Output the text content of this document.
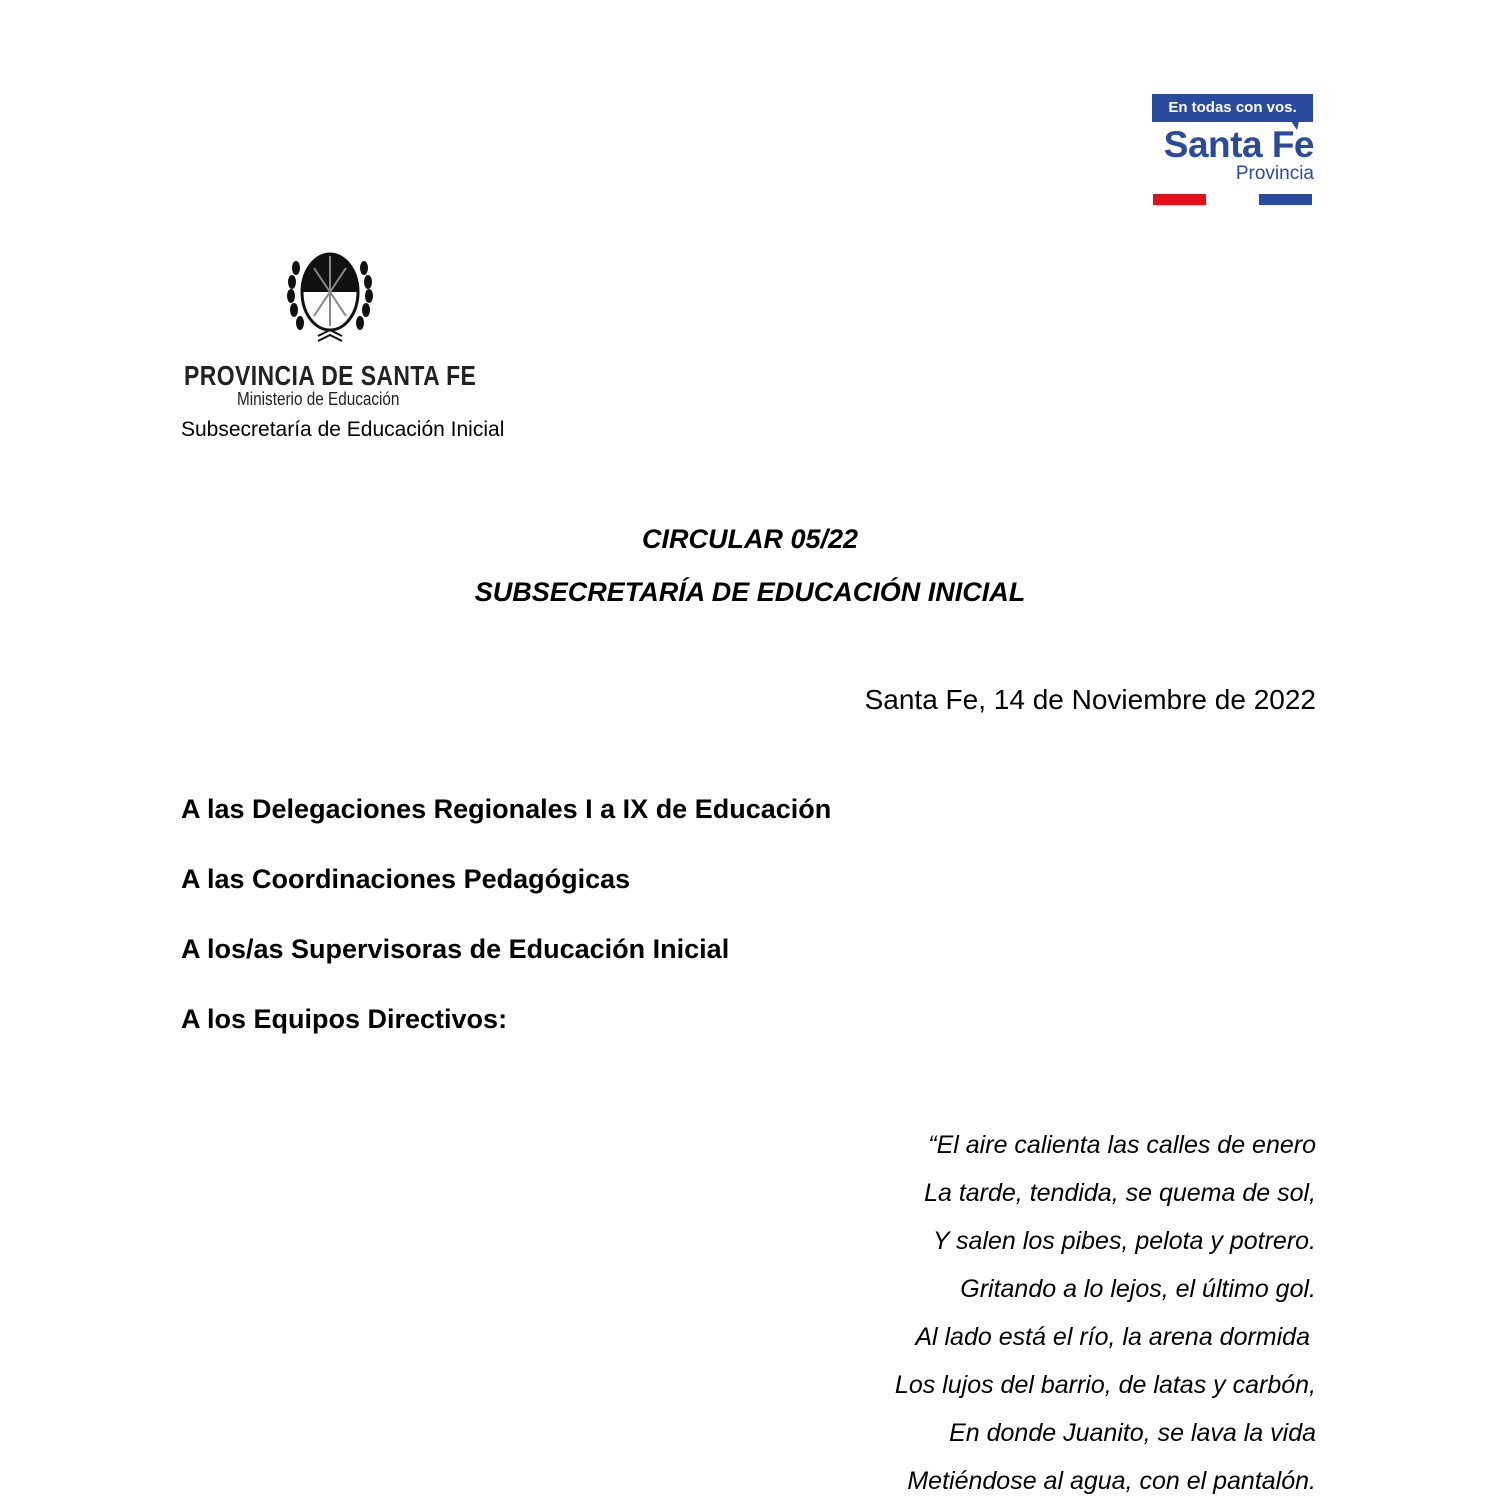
En todas con vos.
Santa Fe
Provincia
PROVINCIA DE SANTA FE
Ministerio de Educación
Subsecretaría de Educación Inicial
CIRCULAR 05/22
SUBSECRETARÍA DE EDUCACIÓN INICIAL
Santa Fe, 14 de Noviembre de 2022
A las Delegaciones Regionales I a IX de Educación
A las Coordinaciones Pedagógicas
A los/as Supervisoras de Educación Inicial
A los Equipos Directivos:
“El aire calienta las calles de enero
La tarde, tendida, se quema de sol,
Y salen los pibes, pelota y potrero.
Gritando a lo lejos, el último gol.
Al lado está el río, la arena dormida
Los lujos del barrio, de latas y carbón,
En donde Juanito, se lava la vida
Metiéndose al agua, con el pantalón.
